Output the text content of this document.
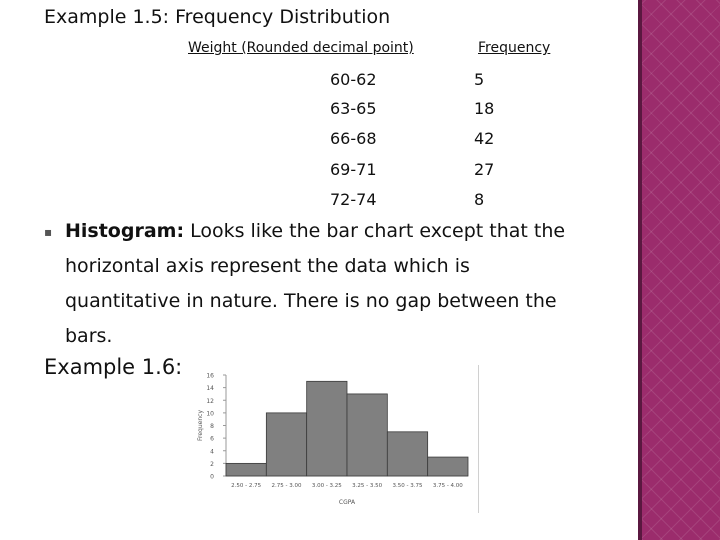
Example 1.5: Frequency Distribution
Weight (Rounded decimal point)	Frequency
60-62	5
63-65	18
66-68	42
69-71	27
72-74	8
▪ Histogram: Looks like the bar chart except that the horizontal axis represent the data which is quantitative in nature. There is no gap between the bars.
Example 1.6:
0
2
4
6
8
10
12
14
16
2.50 - 2.75 2.75 - 3.00 3.00 - 3.25 3.25 - 3.50 3.50 - 3.75 3.75 - 4.00
CGPA
Frequency
